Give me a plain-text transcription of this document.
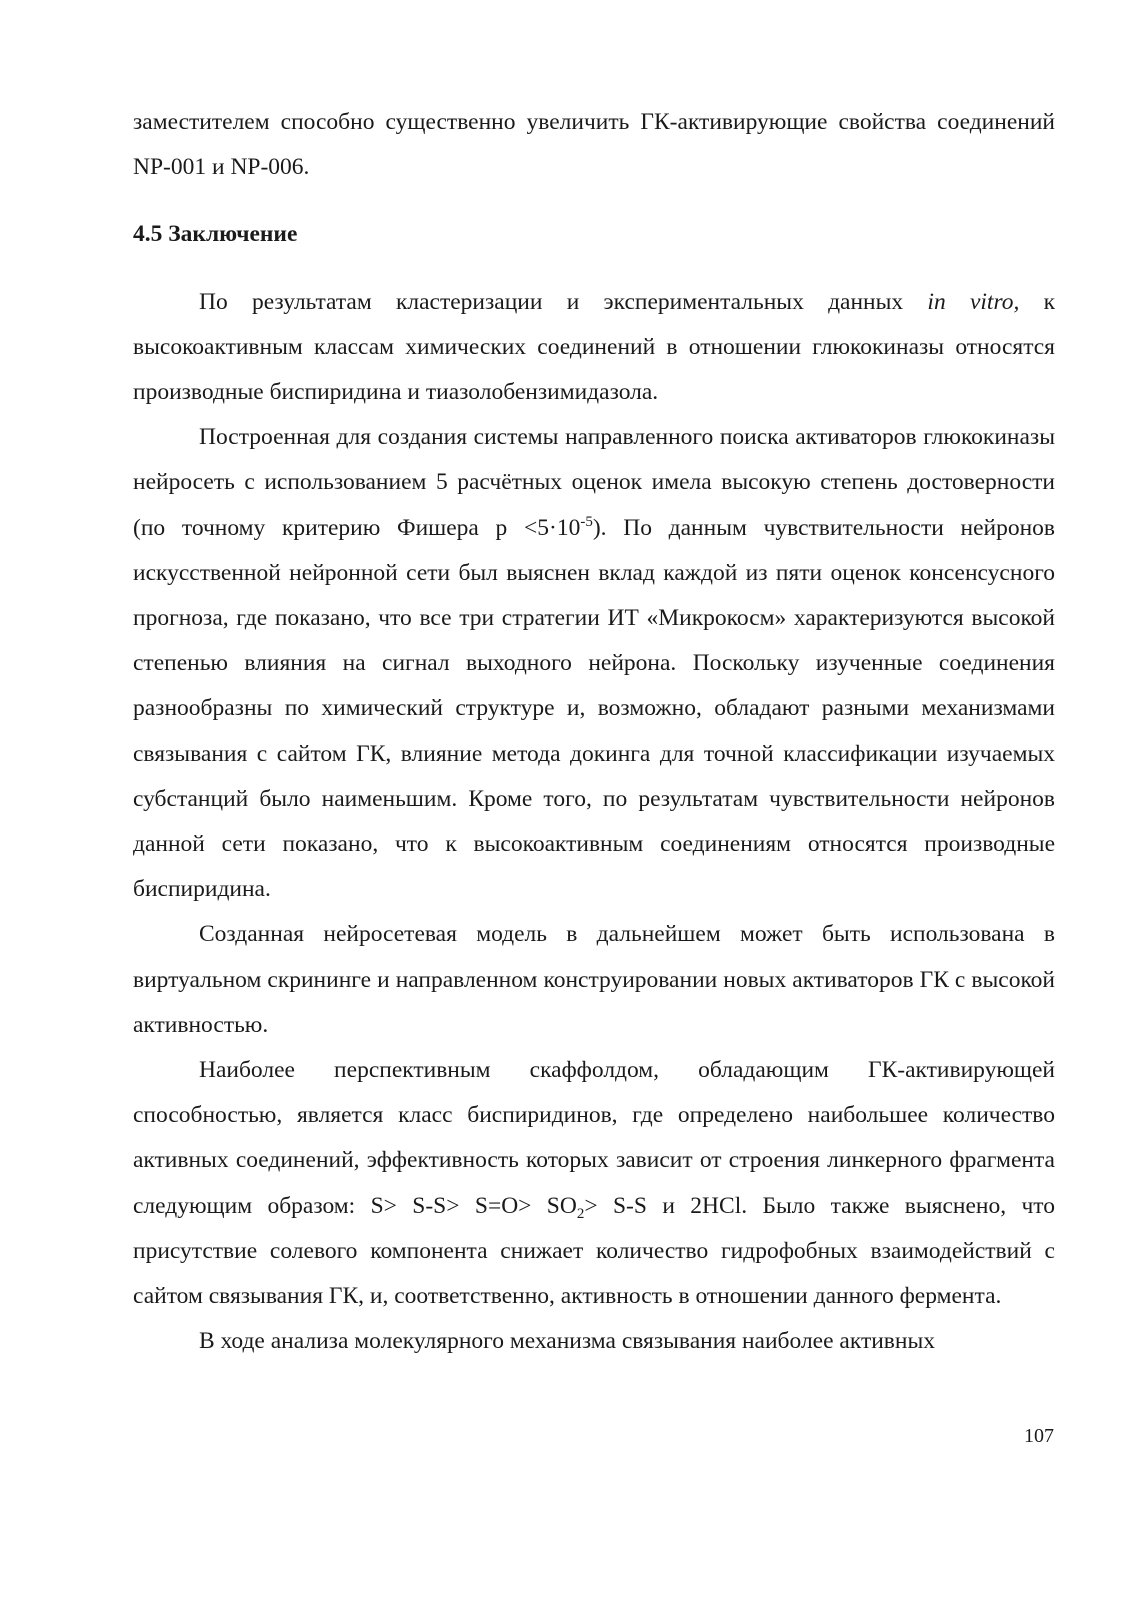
заместителем способно существенно увеличить ГК-активирующие свойства соединений NP-001 и NP-006.

4.5 Заключение

По результатам кластеризации и экспериментальных данных in vitro, к высокоактивным классам химических соединений в отношении глюкокиназы относятся производные биспиридина и тиазолобензимидазола.

Построенная для создания системы направленного поиска активаторов глюкокиназы нейросеть с использованием 5 расчётных оценок имела высокую степень достоверности (по точному критерию Фишера $p <5\cdot 10^{-5}$). По данным чувствительности нейронов искусственной нейронной сети был выяснен вклад каждой из пяти оценок консенсусного прогноза, где показано, что все три стратегии ИТ «Микрокосм» характеризуются высокой степенью влияния на сигнал выходного нейрона. Поскольку изученные соединения разнообразны по химический структуре и, возможно, обладают разными механизмами связывания с сайтом ГК, влияние метода докинга для точной классификации изучаемых субстанций было наименьшим. Кроме того, по результатам чувствительности нейронов данной сети показано, что к высокоактивным соединениям относятся производные биспиридина.

Созданная нейросетевая модель в дальнейшем может быть использована в виртуальном скрининге и направленном конструировании новых активаторов ГК с высокой активностью.

Наиболее перспективным скаффолдом, обладающим ГК-активирующей способностью, является класс биспиридинов, где определено наибольшее количество активных соединений, эффективность которых зависит от строения линкерного фрагмента следующим образом: $S> S-S> S=O> SO_2> S-S$ и 2HCl. Было также выяснено, что присутствие солевого компонента снижает количество гидрофобных взаимодействий с сайтом связывания ГК, и, соответственно, активность в отношении данного фермента.

В ходе анализа молекулярного механизма связывания наиболее активных

107
